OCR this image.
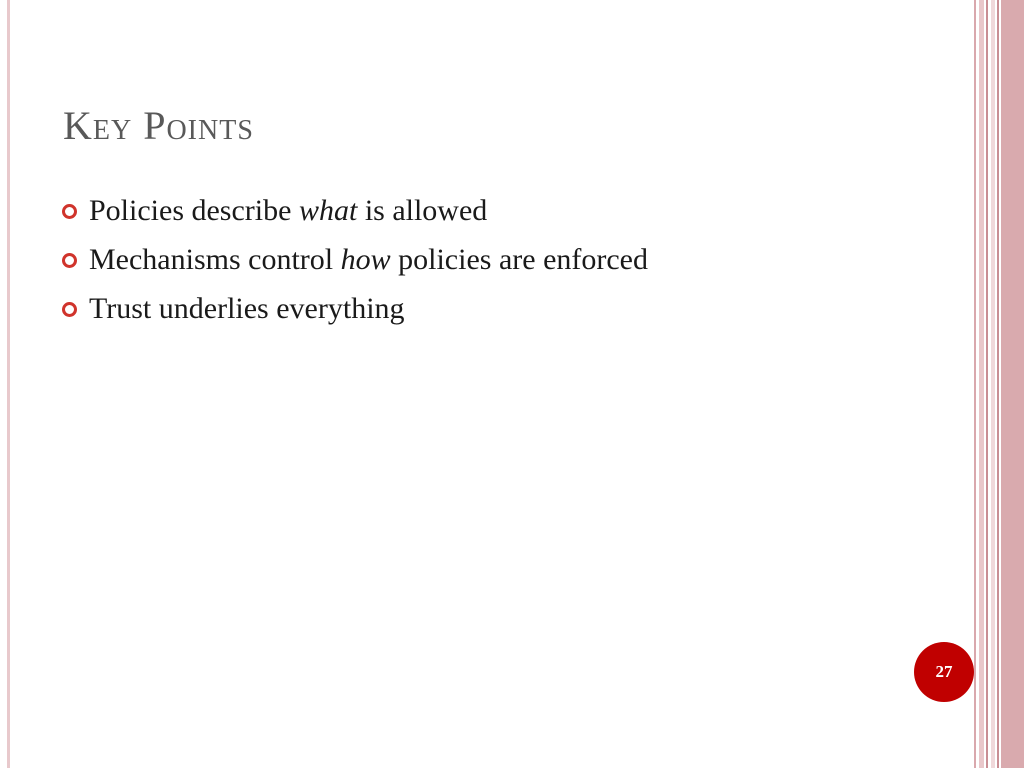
Key Points
Policies describe what is allowed
Mechanisms control how policies are enforced
Trust underlies everything
27
